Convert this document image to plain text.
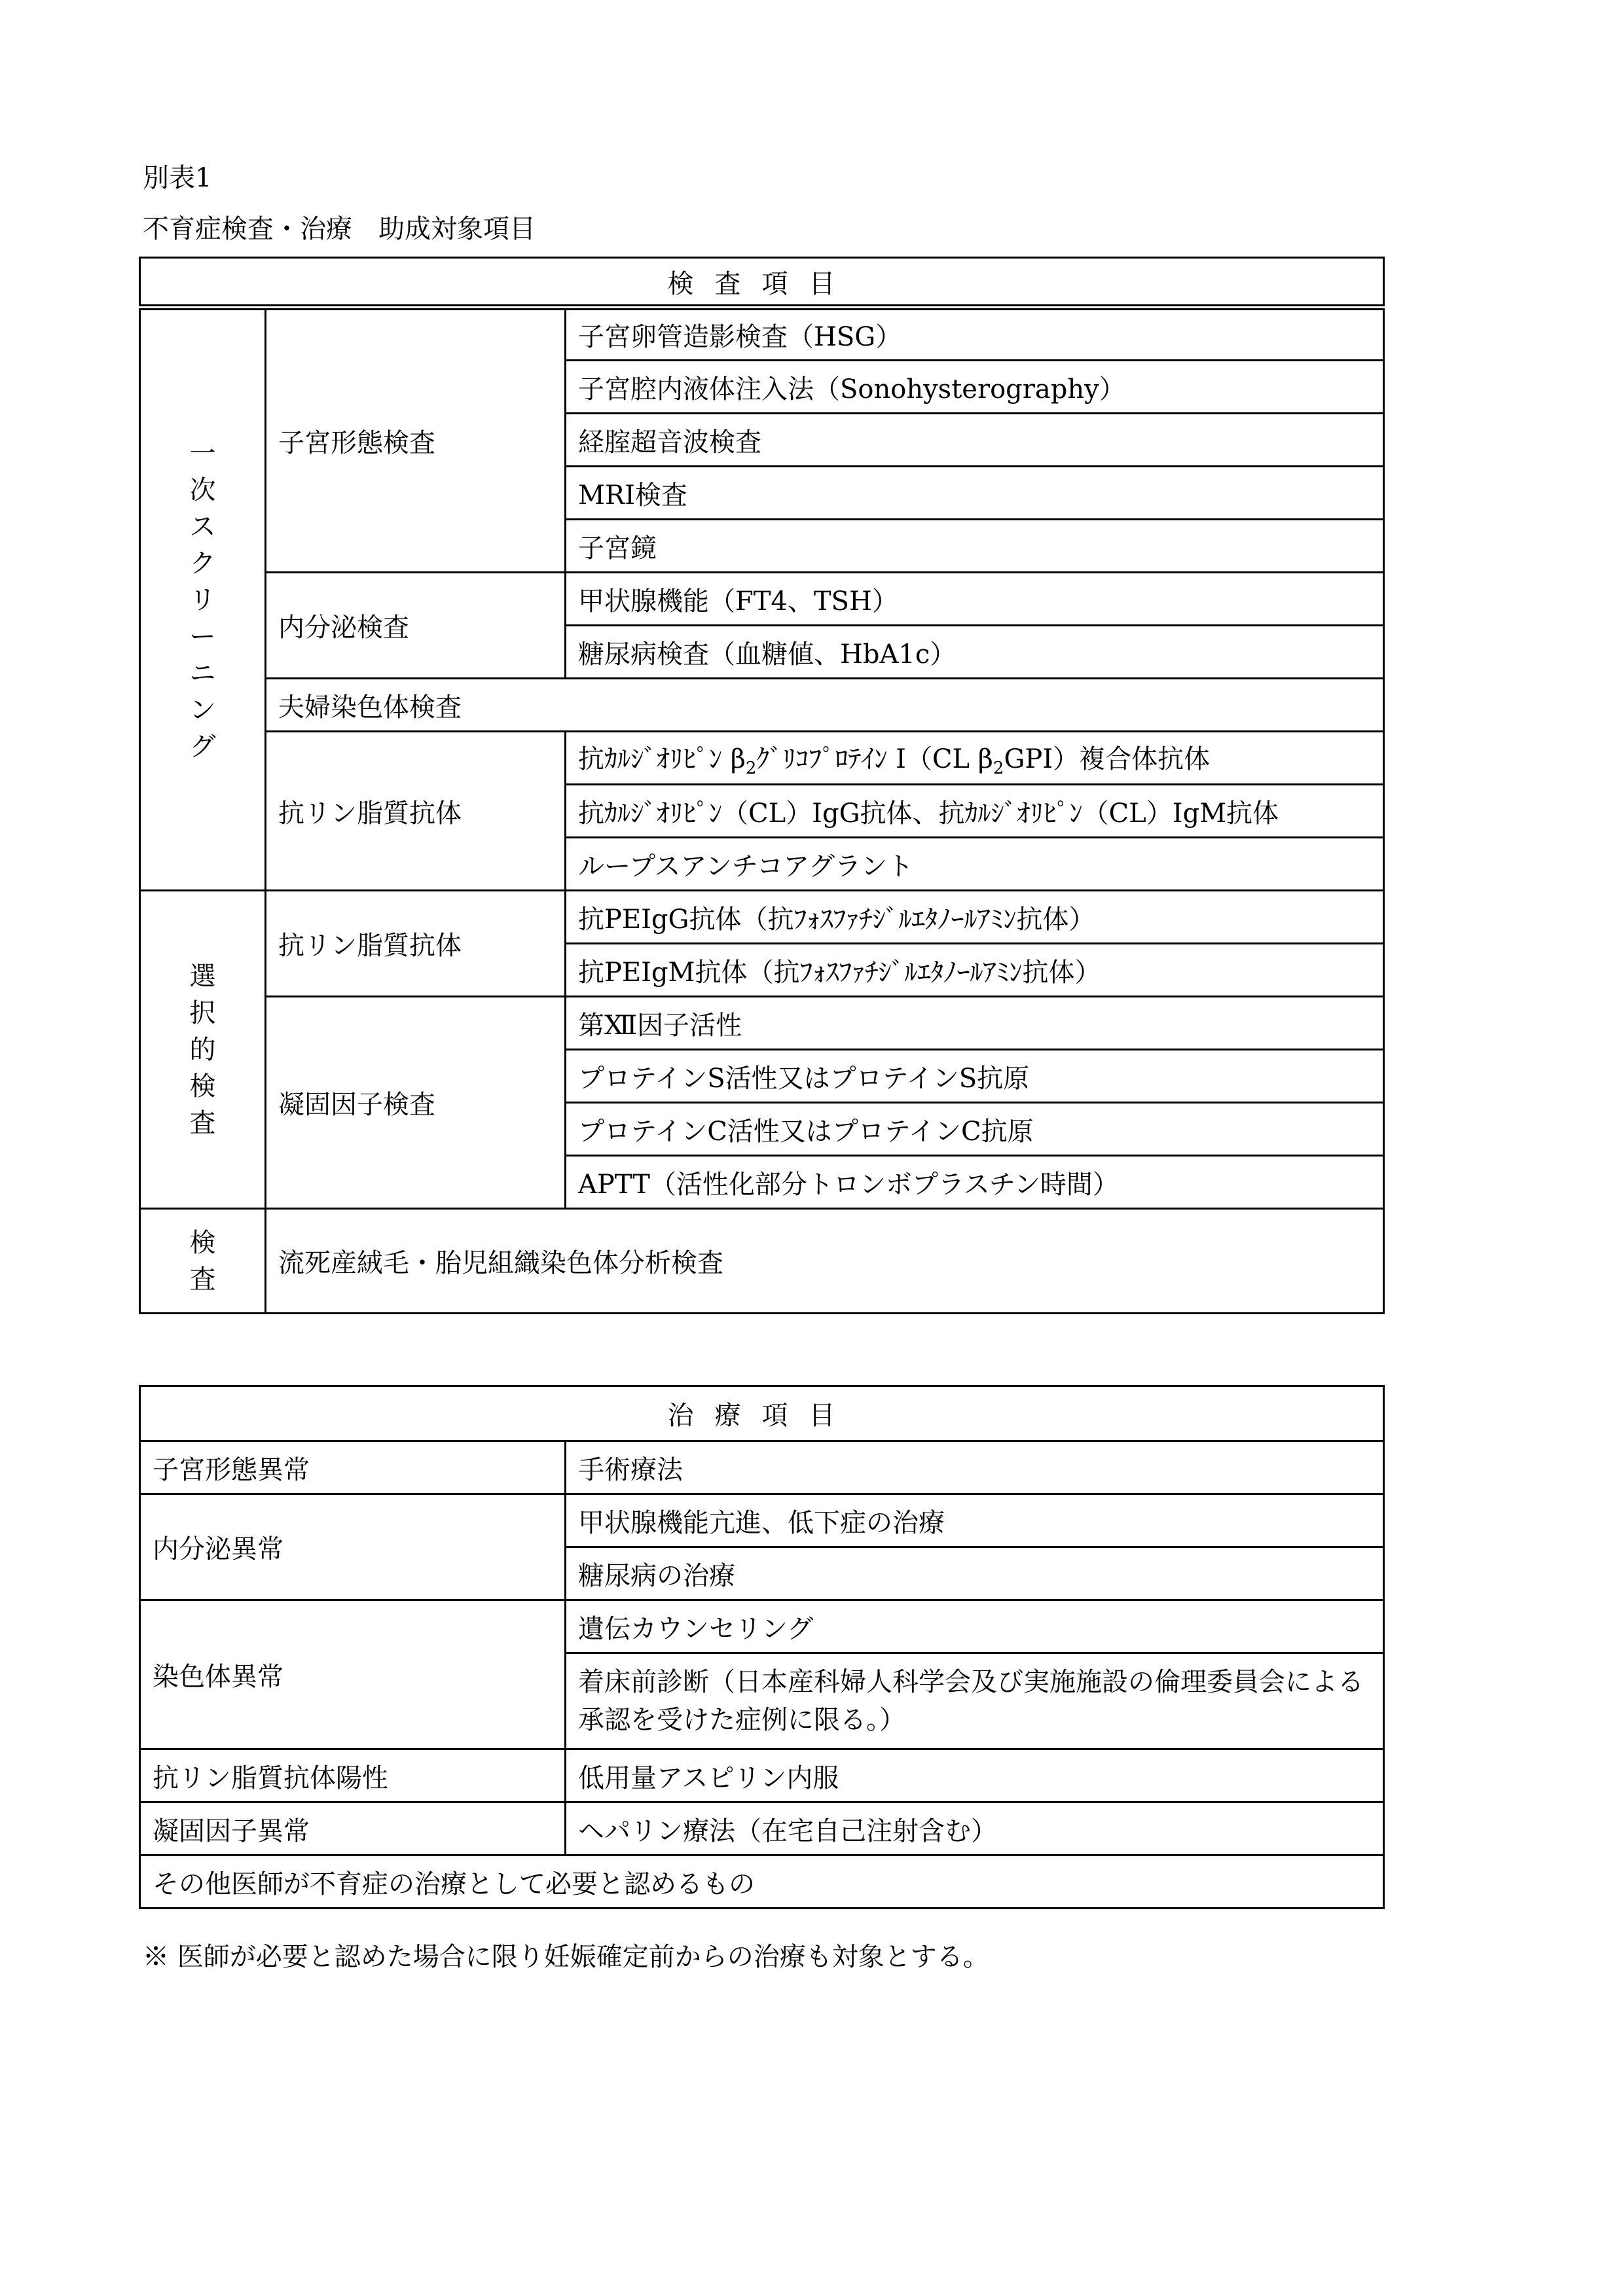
別表1
不育症検査・治療　助成対象項目
検査項目		

一次スクリーニング	子宮形態検査	子宮卵管造影検査（HSG）
		子宮腔内液体注入法（Sonohysterography）
		経腟超音波検査
		MRI検査
		子宮鏡
	内分泌検査	甲状腺機能（FT4、TSH）
		糖尿病検査（血糖値、HbA1c）
	夫婦染色体検査	
	抗リン脂質抗体	抗ｶﾙｼﾞｵﾘﾋﾟﾝ $\beta_2$ｸﾞﾘｺﾌﾟﾛﾃｲﾝ Ⅰ（CL $\beta_2GPI$）複合体抗体
		抗ｶﾙｼﾞｵﾘﾋﾟﾝ（CL）IgG抗体、抗ｶﾙｼﾞｵﾘﾋﾟﾝ（CL）IgM抗体
		ループスアンチコアグラント

選択的検査	抗リン脂質抗体	抗PEIgG抗体（抗ﾌｫｽﾌｧﾁｼﾞﾙｴﾀﾉｰﾙｱﾐﾝ抗体）
		抗PEIgM抗体（抗ﾌｫｽﾌｧﾁｼﾞﾙｴﾀﾉｰﾙｱﾐﾝ抗体）
	凝固因子検査	第Ⅻ因子活性
		プロテインS活性又はプロテインS抗原
		プロテインC活性又はプロテインC抗原
		APTT（活性化部分トロンボプラスチン時間）

検査	流死産絨毛・胎児組織染色体分析検査	
治療項目	
子宮形態異常	手術療法
内分泌異常	甲状腺機能亢進、低下症の治療
	糖尿病の治療
染色体異常	遺伝カウンセリング
	着床前診断（日本産科婦人科学会及び実施施設の倫理委員会による承認を受けた症例に限る。）
抗リン脂質抗体陽性	低用量アスピリン内服
凝固因子異常	ヘパリン療法（在宅自己注射含む）
その他医師が不育症の治療として必要と認めるもの	
※ 医師が必要と認めた場合に限り妊娠確定前からの治療も対象とする。
